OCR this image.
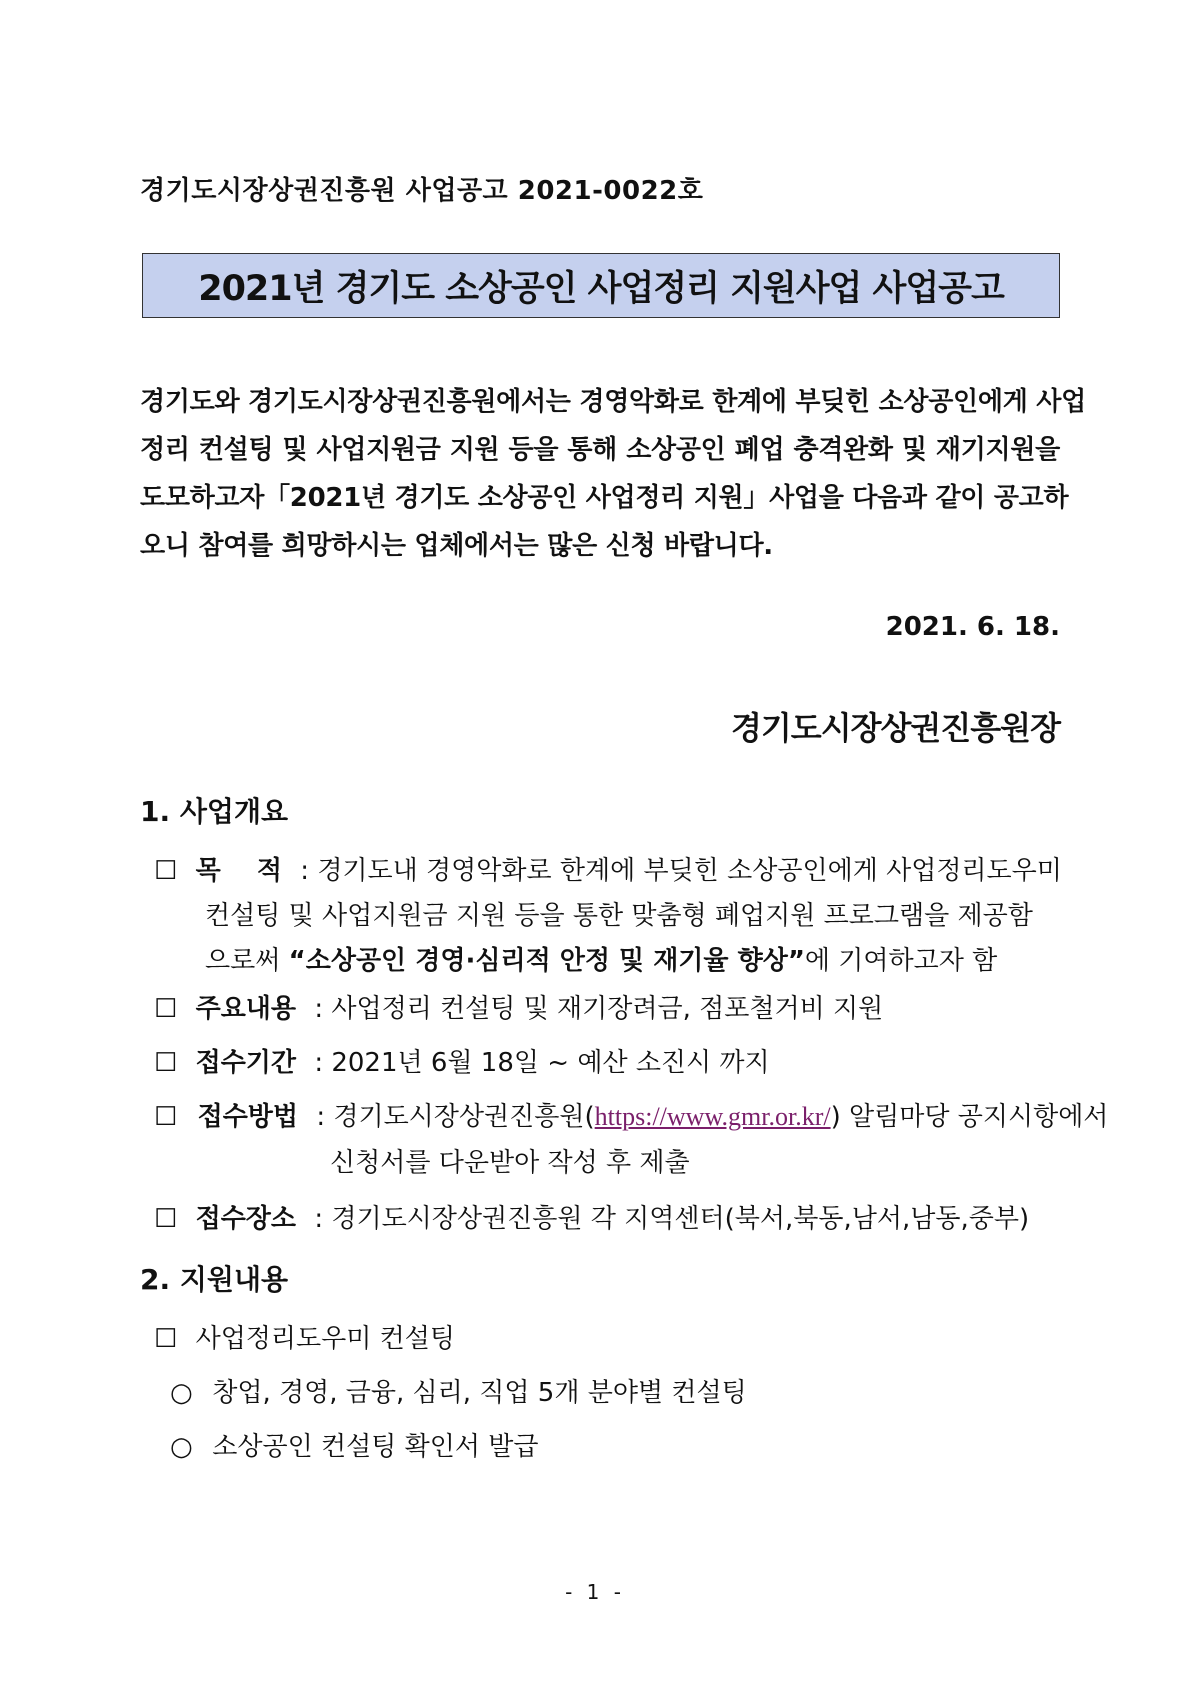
경기도시장상권진흥원 사업공고 2021-0022호
2021년 경기도 소상공인 사업정리 지원사업 사업공고
경기도와 경기도시장상권진흥원에서는 경영악화로 한계에 부딪힌 소상공인에게 사업
정리 컨설팅 및 사업지원금 지원 등을 통해 소상공인 폐업 충격완화 및 재기지원을
도모하고자「2021년 경기도 소상공인 사업정리 지원」사업을 다음과 같이 공고하
오니 참여를 희망하시는 업체에서는 많은 신청 바랍니다.
2021. 6. 18.
경기도시장상권진흥원장
1. 사업개요
☐ 목    적 : 경기도내 경영악화로 한계에 부딪힌 소상공인에게 사업정리도우미
컨설팅 및 사업지원금 지원 등을 통한 맞춤형 폐업지원 프로그램을 제공함
으로써 “소상공인 경영·심리적 안정 및 재기율 향상”에 기여하고자 함
☐ 주요내용 : 사업정리 컨설팅 및 재기장려금, 점포철거비 지원
☐ 접수기간 : 2021년 6월 18일 ~ 예산 소진시 까지
☐ 접수방법 : 경기도시장상권진흥원(https://www.gmr.or.kr/) 알림마당 공지시항에서
신청서를 다운받아 작성 후 제출
☐ 접수장소 : 경기도시장상권진흥원 각 지역센터(북서,북동,남서,남동,중부)
2. 지원내용
☐ 사업정리도우미 컨설팅
○ 창업, 경영, 금융, 심리, 직업 5개 분야별 컨설팅
○ 소상공인 컨설팅 확인서 발급
- 1 -
